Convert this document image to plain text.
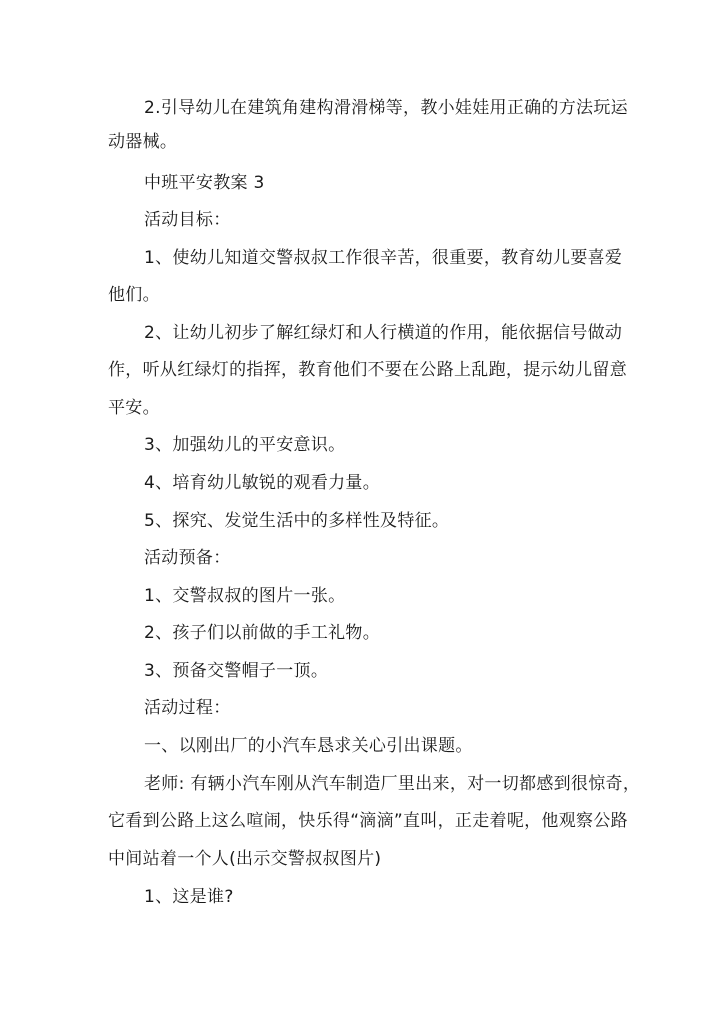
2.引导幼儿在建筑角建构滑滑梯等，教小娃娃用正确的方法玩运
动器械。
中班平安教案 3
活动目标：
1、使幼儿知道交警叔叔工作很辛苦，很重要，教育幼儿要喜爱
他们。
2、让幼儿初步了解红绿灯和人行横道的作用，能依据信号做动
作，听从红绿灯的指挥，教育他们不要在公路上乱跑，提示幼儿留意
平安。
3、加强幼儿的平安意识。
4、培育幼儿敏锐的观看力量。
5、探究、发觉生活中的多样性及特征。
活动预备：
1、交警叔叔的图片一张。
2、孩子们以前做的手工礼物。
3、预备交警帽子一顶。
活动过程：
一、以刚出厂的小汽车恳求关心引出课题。
老师: 有辆小汽车刚从汽车制造厂里出来，对一切都感到很惊奇，
它看到公路上这么喧闹，快乐得“滴滴”直叫，正走着呢，他观察公路
中间站着一个人(出示交警叔叔图片)
1、这是谁?
